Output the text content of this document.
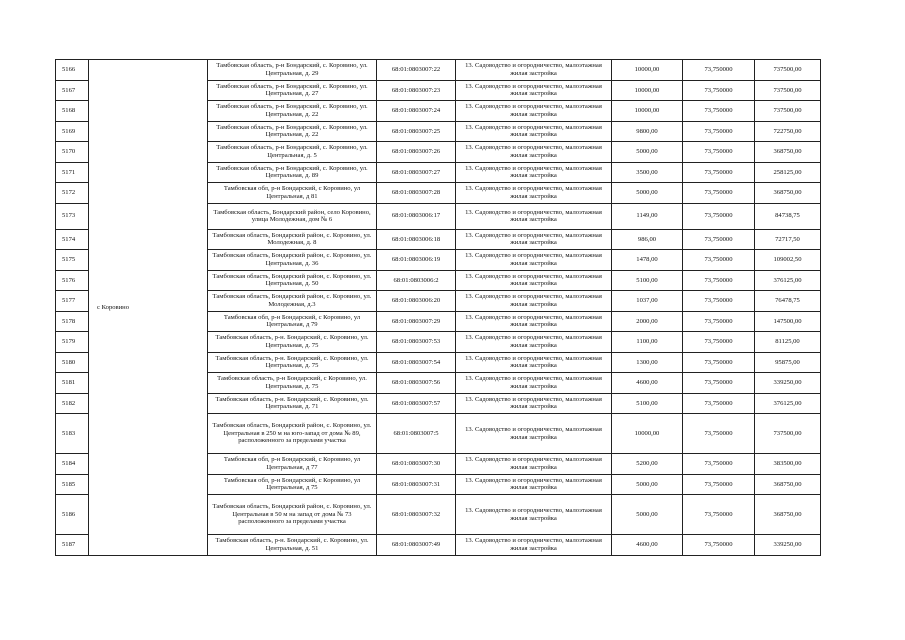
5166	с Коровино	Тамбовская область, р-н Бондарский, с. Коровино, ул. Центральная, д. 29	68:01:0803007:22	13. Садоводство и огородничество, малоэтажная жилая застройка	10000,00	73,750000	737500,00
5167		Тамбовская область, р-н Бондарский, с. Коровино, ул. Центральная, д. 27	68:01:0803007:23	13. Садоводство и огородничество, малоэтажная жилая застройка	10000,00	73,750000	737500,00
5168		Тамбовская область, р-н Бондарский, с. Коровино, ул. Центральная, д. 22	68:01:0803007:24	13. Садоводство и огородничество, малоэтажная жилая застройка	10000,00	73,750000	737500,00
5169		Тамбовская область, р-н Бондарский, с. Коровино, ул. Центральная, д. 22	68:01:0803007:25	13. Садоводство и огородничество, малоэтажная жилая застройка	9800,00	73,750000	722750,00
5170		Тамбовская область, р-н Бондарский, с. Коровино, ул. Центральная, д. 5	68:01:0803007:26	13. Садоводство и огородничество, малоэтажная жилая застройка	5000,00	73,750000	368750,00
5171		Тамбовская область, р-н Бондарский, с. Коровино, ул. Центральная, д. 89	68:01:0803007:27	13. Садоводство и огородничество, малоэтажная жилая застройка	3500,00	73,750000	258125,00
5172		Тамбовская обл, р-н Бондарский, с Коровино, ул Центральная, д 81	68:01:0803007:28	13. Садоводство и огородничество, малоэтажная жилая застройка	5000,00	73,750000	368750,00
5173		Тамбовская область, Бондарский район, село Коровино, улица Молодежная, дом № 6	68:01:0803006:17	13. Садоводство и огородничество, малоэтажная жилая застройка	1149,00	73,750000	84738,75
5174		Тамбовская область, Бондарский район, с. Коровино, ул. Молодежная, д. 8	68:01:0803006:18	13. Садоводство и огородничество, малоэтажная жилая застройка	986,00	73,750000	72717,50
5175		Тамбовская область, Бондарский район, с. Коровино, ул. Центральная, д. 36	68:01:0803006:19	13. Садоводство и огородничество, малоэтажная жилая застройка	1478,00	73,750000	109002,50
5176		Тамбовская область, Бондарский район, с. Коровино, ул. Центральная, д. 50	68:01:0803006:2	13. Садоводство и огородничество, малоэтажная жилая застройка	5100,00	73,750000	376125,00
5177		Тамбовская область, Бондарский район, с. Коровино, ул. Молодежная, д.3	68:01:0803006:20	13. Садоводство и огородничество, малоэтажная жилая застройка	1037,00	73,750000	76478,75
5178		Тамбовская обл, р-н Бондарский, с Коровино, ул Центральная, д 79	68:01:0803007:29	13. Садоводство и огородничество, малоэтажная жилая застройка	2000,00	73,750000	147500,00
5179		Тамбовская область, р-н. Бондарский, с. Коровино, ул. Центральная, д. 75	68:01:0803007:53	13. Садоводство и огородничество, малоэтажная жилая застройка	1100,00	73,750000	81125,00
5180		Тамбовская область, р-н. Бондарский, с. Коровино, ул. Центральная, д. 75	68:01:0803007:54	13. Садоводство и огородничество, малоэтажная жилая застройка	1300,00	73,750000	95875,00
5181		Тамбовская область, р-н Бондарский, с Коровино, ул. Центральная, д. 75	68:01:0803007:56	13. Садоводство и огородничество, малоэтажная жилая застройка	4600,00	73,750000	339250,00
5182		Тамбовская область, р-н. Бондарский, с. Коровино, ул. Центральная, д. 71	68:01:0803007:57	13. Садоводство и огородничество, малоэтажная жилая застройка	5100,00	73,750000	376125,00
5183		Тамбовская область, Бондарский район, с. Коровино, ул. Центральная в 250 м на юго-запад от дома № 89, расположенного за пределами участка	68:01:0803007:5	13. Садоводство и огородничество, малоэтажная жилая застройка	10000,00	73,750000	737500,00
5184		Тамбовская обл, р-н Бондарский, с Коровино, ул Центральная, д 77	68:01:0803007:30	13. Садоводство и огородничество, малоэтажная жилая застройка	5200,00	73,750000	383500,00
5185		Тамбовская обл, р-н Бондарский, с Коровино, ул Центральная, д 75	68:01:0803007:31	13. Садоводство и огородничество, малоэтажная жилая застройка	5000,00	73,750000	368750,00
5186		Тамбовская область, Бондарский район, с. Коровино, ул. Центральная в 50 м на запад от дома № 73 расположенного за пределами участка	68:01:0803007:32	13. Садоводство и огородничество, малоэтажная жилая застройка	5000,00	73,750000	368750,00
5187		Тамбовская область, р-н. Бондарский, с. Коровино, ул. Центральная, д. 51	68:01:0803007:49	13. Садоводство и огородничество, малоэтажная жилая застройка	4600,00	73,750000	339250,00
